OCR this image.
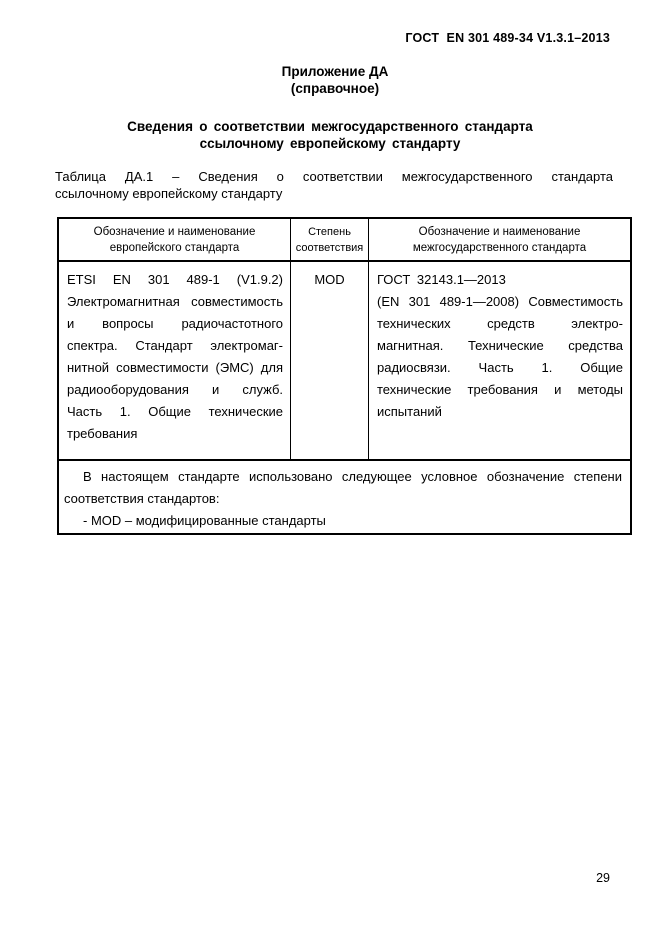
ГОСТ  EN 301 489-34 V1.3.1–2013
Приложение ДА
(справочное)
Сведения о соответствии межгосударственного стандарта
ссылочному европейскому стандарту
Таблица ДА.1 – Сведения о соответствии межгосударственного стандарта
ссылочному европейскому стандарту
Обозначение и наименование
европейского стандарта
Степень
соответствия
Обозначение и наименование
межгосударственного стандарта
ETSI EN 301 489-1 (V1.9.2)
Электромагнитная совместимость
и вопросы радиочастотного
спектра. Стандарт электромаг-
нитной совместимости (ЭМС) для
радиооборудования и служб.
Часть 1. Общие технические
требования
MOD	ГОСТ 32143.1—2013
(EN 301 489-1—2008) Совместимость
технических средств электро-
магнитная. Технические средства
радиосвязи. Часть 1. Общие
технические требования и методы
испытаний
В настоящем стандарте использовано следующее условное обозначение степени
соответствия стандартов:
- MOD – модифицированные стандарты
29
